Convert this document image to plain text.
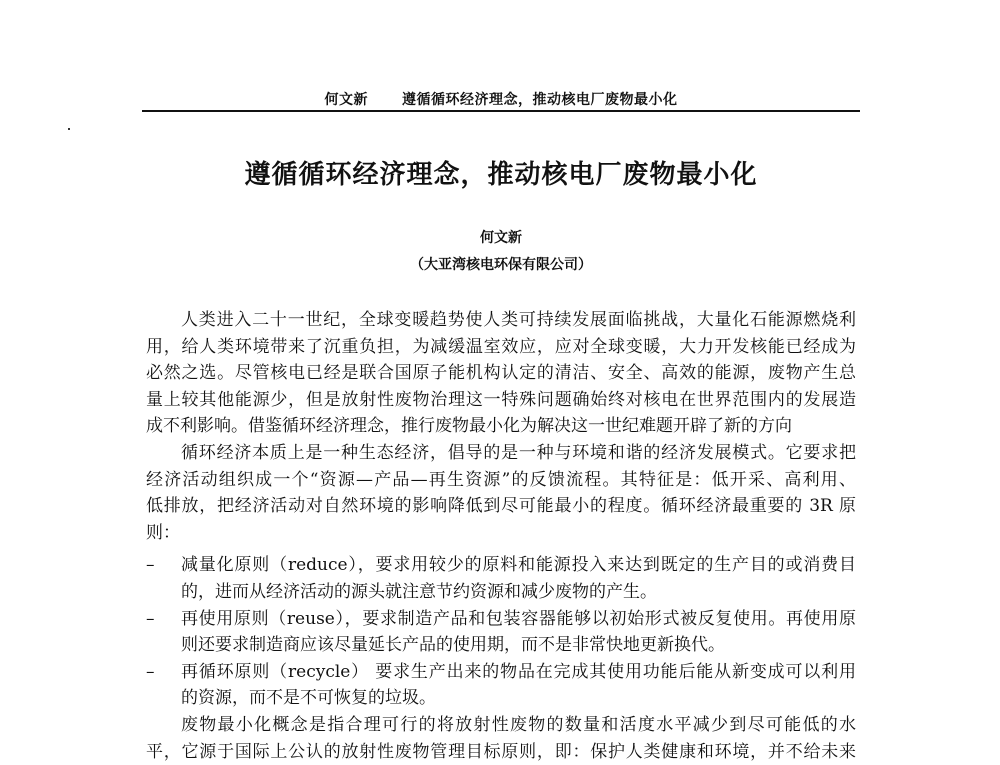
何文新 遵循循环经济理念，推动核电厂废物最小化
遵循循环经济理念，推动核电厂废物最小化
何文新
（大亚湾核电环保有限公司）
人类进入二十一世纪，全球变暖趋势使人类可持续发展面临挑战，大量化石能源燃烧利
用，给人类环境带来了沉重负担，为减缓温室效应，应对全球变暖，大力开发核能已经成为
必然之选。尽管核电已经是联合国原子能机构认定的清洁、安全、高效的能源，废物产生总
量上较其他能源少，但是放射性废物治理这一特殊问题确始终对核电在世界范围内的发展造
成不利影响。借鉴循环经济理念，推行废物最小化为解决这一世纪难题开辟了新的方向
循环经济本质上是一种生态经济，倡导的是一种与环境和谐的经济发展模式。它要求把
经济活动组织成一个“资源—产品—再生资源”的反馈流程。其特征是：低开采、高利用、
低排放，把经济活动对自然环境的影响降低到尽可能最小的程度。循环经济最重要的 3R 原
则：
– 减量化原则（reduce），要求用较少的原料和能源投入来达到既定的生产目的或消费目
的，进而从经济活动的源头就注意节约资源和减少废物的产生。
– 再使用原则（reuse），要求制造产品和包装容器能够以初始形式被反复使用。再使用原
则还要求制造商应该尽量延长产品的使用期，而不是非常快地更新换代。
– 再循环原则（recycle） 要求生产出来的物品在完成其使用功能后能从新变成可以利用
的资源，而不是不可恢复的垃圾。
废物最小化概念是指合理可行的将放射性废物的数量和活度水平减少到尽可能低的水
平，它源于国际上公认的放射性废物管理目标原则，即：保护人类健康和环境，并不给未来
